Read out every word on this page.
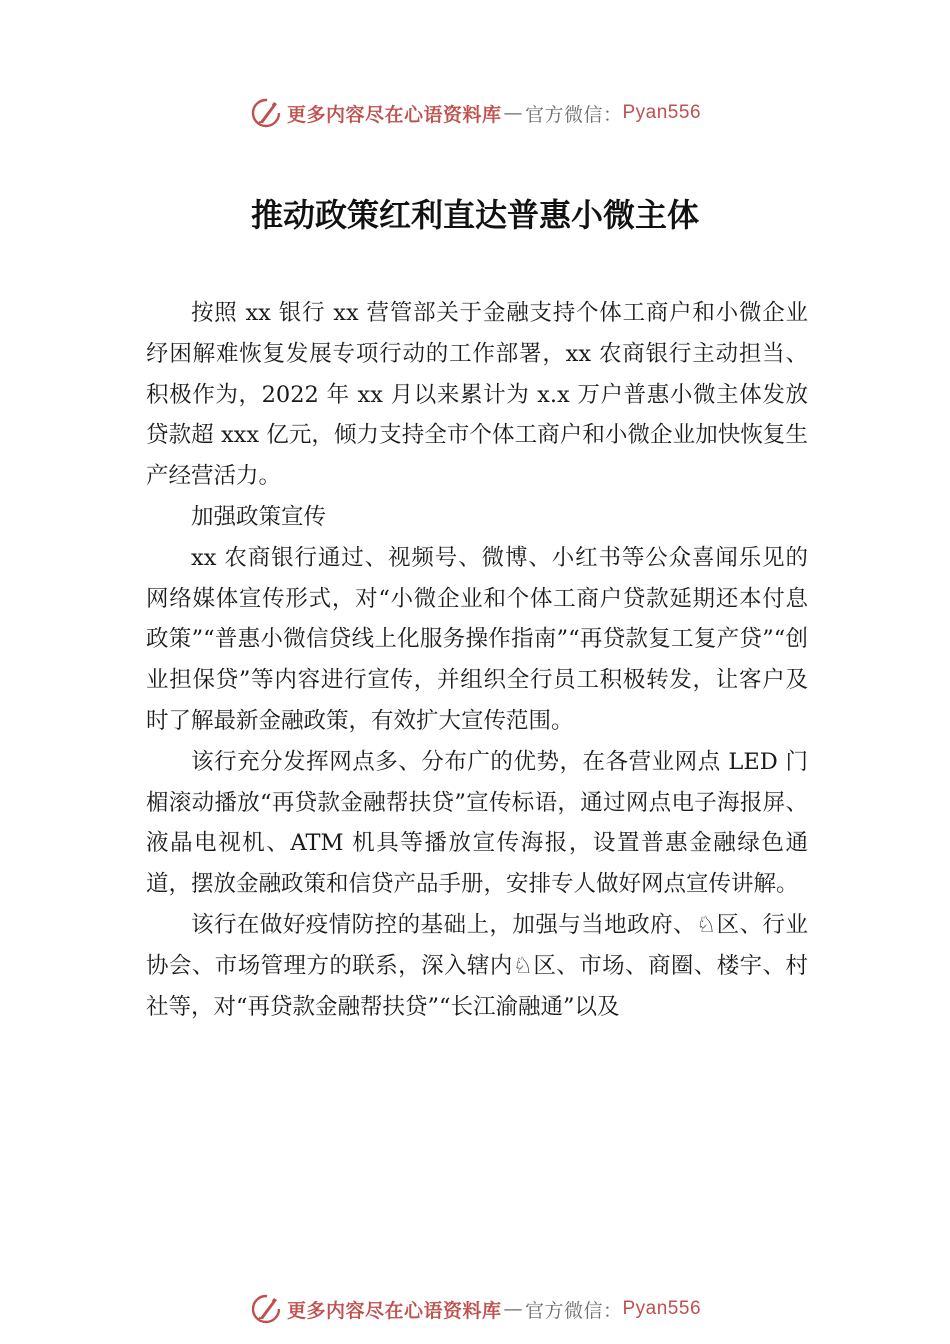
更多内容尽在心语资料库 — 官方微信： Pyan556
推动政策红利直达普惠小微主体

按照 xx 银行 xx 营管部关于金融支持个体工商户和小微企业纾困解难恢复发展专项行动的工作部署，xx 农商银行主动担当、积极作为，2022 年 xx 月以来累计为 x.x 万户普惠小微主体发放贷款超 xxx 亿元，倾力支持全市个体工商户和小微企业加快恢复生产经营活力。

加强政策宣传

xx 农商银行通过、视频号、微博、小红书等公众喜闻乐见的网络媒体宣传形式，对“小微企业和个体工商户贷款延期还本付息政策”“普惠小微信贷线上化服务操作指南”“再贷款复工复产贷”“创业担保贷”等内容进行宣传，并组织全行员工积极转发，让客户及时了解最新金融政策，有效扩大宣传范围。

该行充分发挥网点多、分布广的优势，在各营业网点 LED 门楣滚动播放“再贷款金融帮扶贷”宣传标语，通过网点电子海报屏、液晶电视机、ATM 机具等播放宣传海报，设置普惠金融绿色通道，摆放金融政策和信贷产品手册，安排专人做好网点宣传讲解。

该行在做好疫情防控的基础上，加强与当地政府、♘区、行业协会、市场管理方的联系，深入辖内♘区、市场、商圈、楼宇、村社等，对“再贷款金融帮扶贷”“长江渝融通”以及

更多内容尽在心语资料库 — 官方微信： Pyan556
